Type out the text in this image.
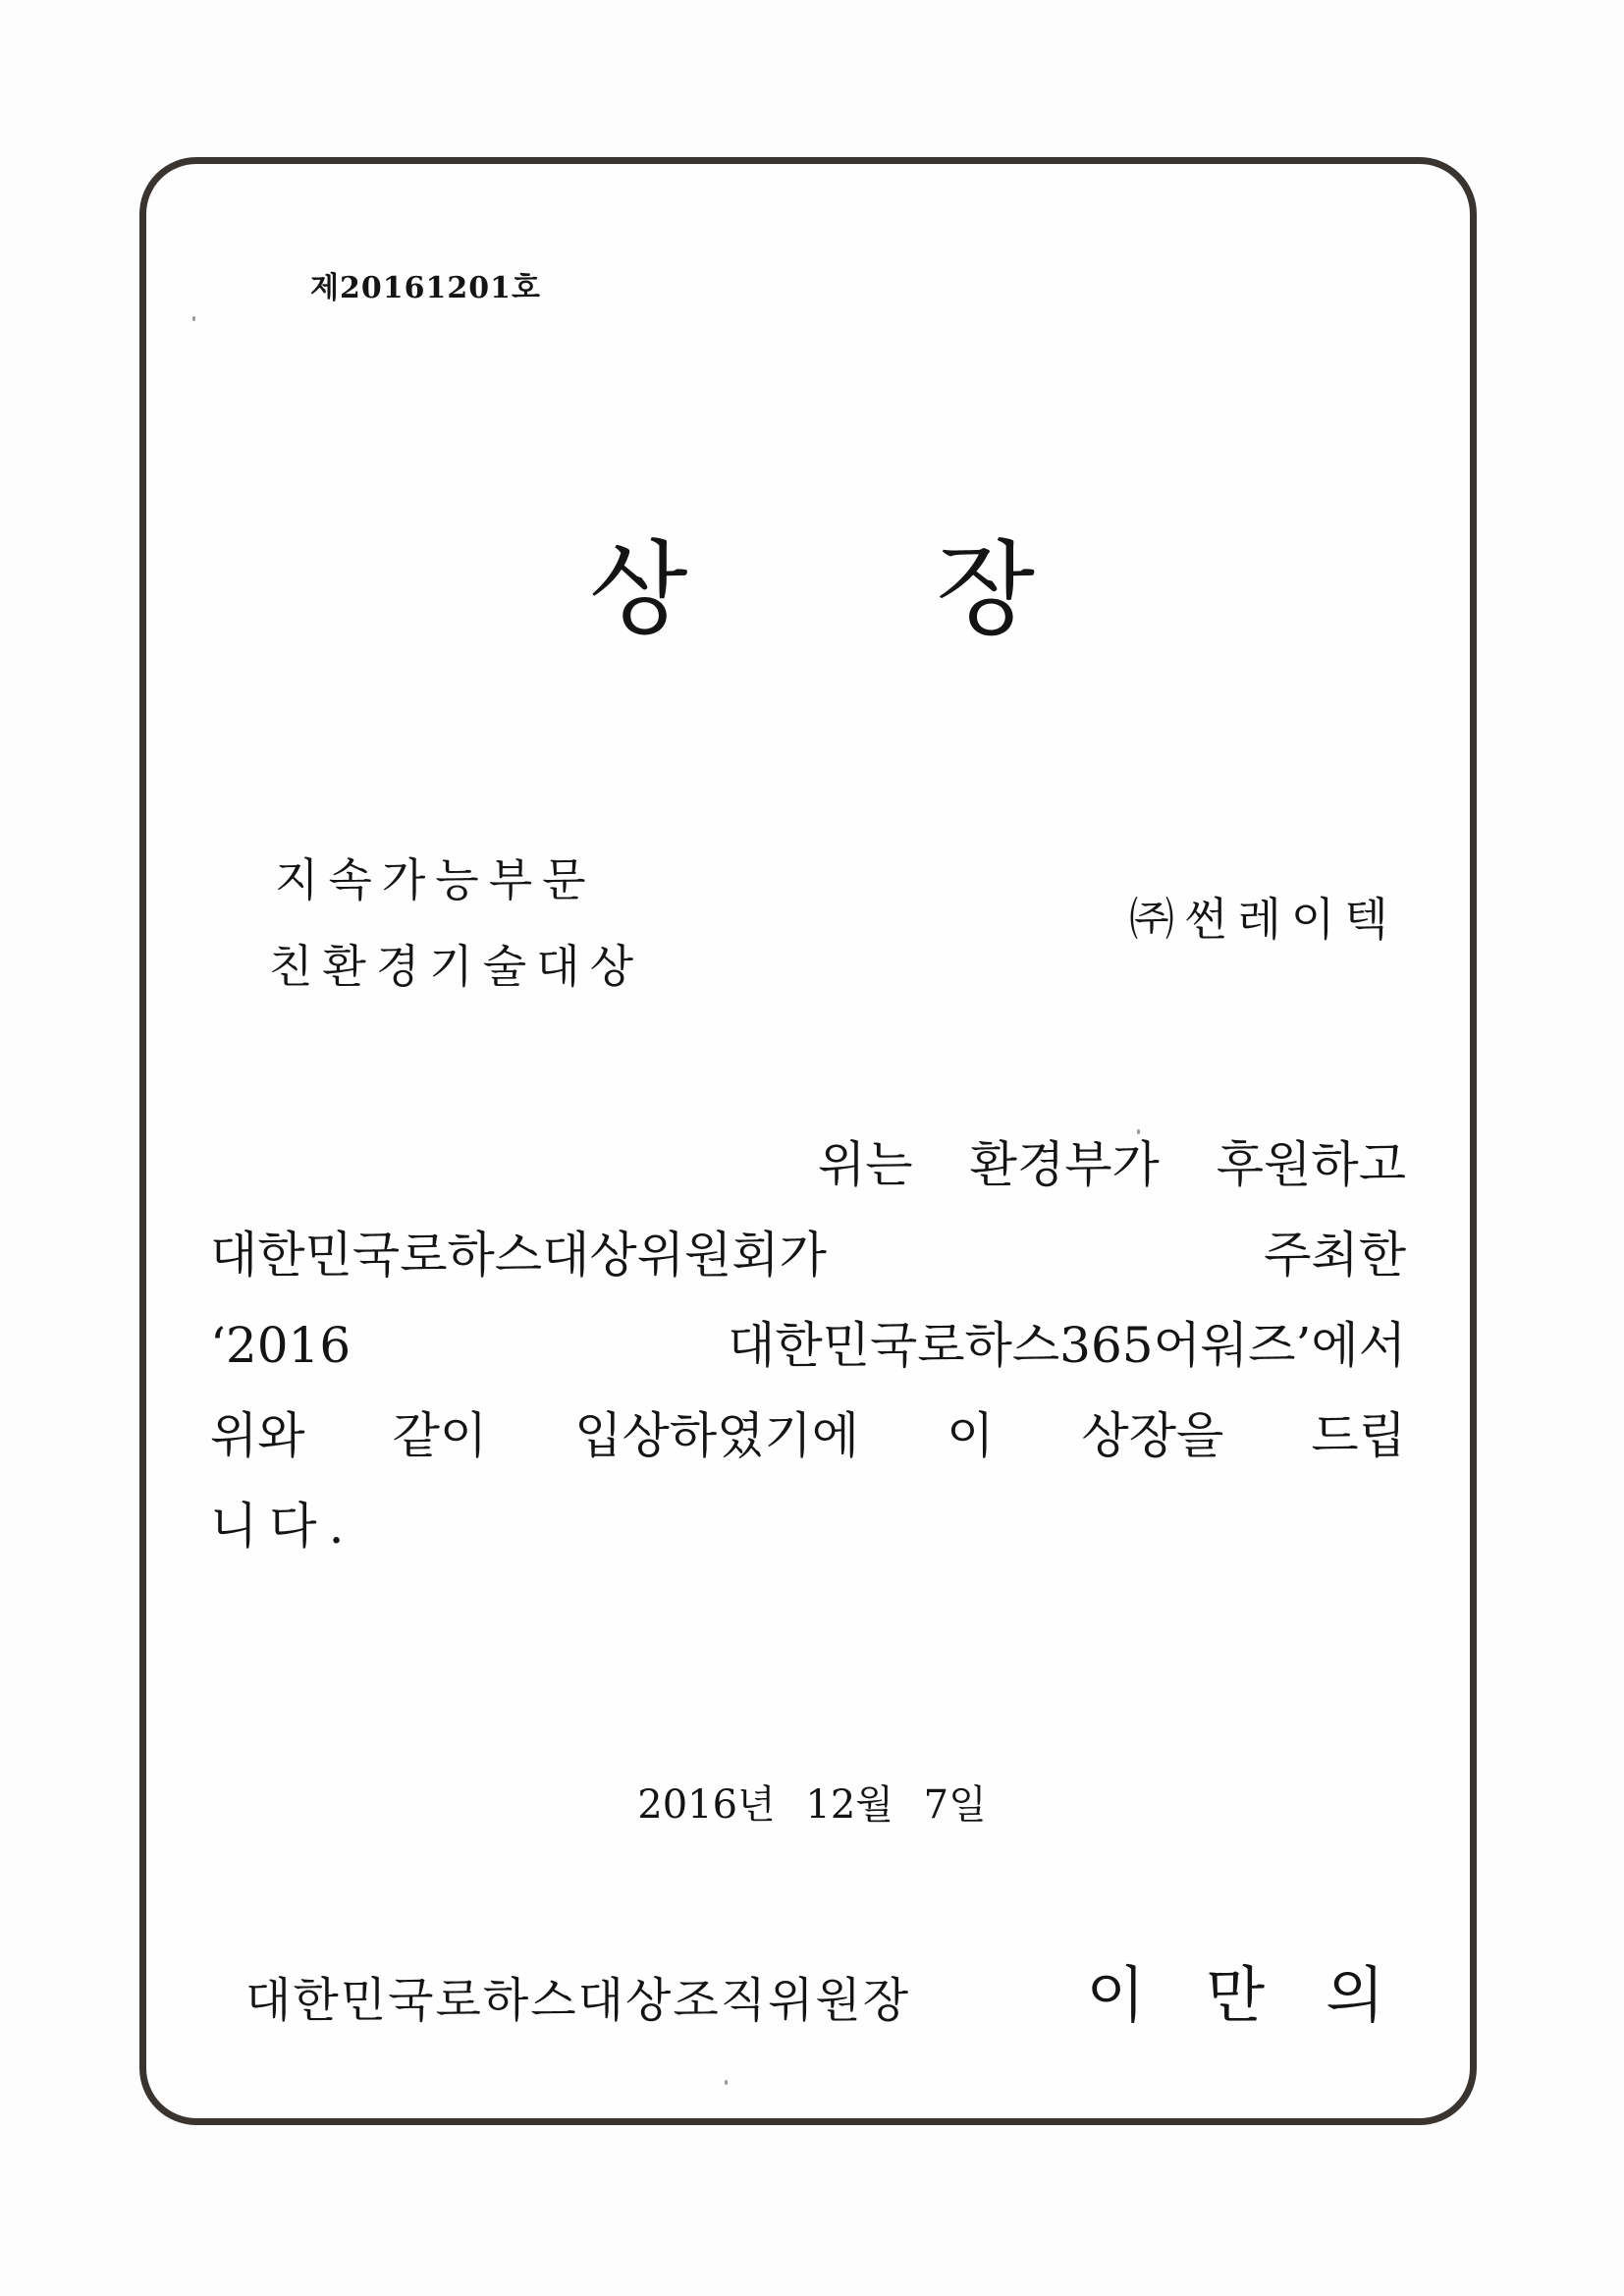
제20161201호
상 장
지속가능부문
친환경기술대상
㈜썬레이텍
위는 환경부가 후원하고
대한민국로하스대상위원회가	주최한
‘2016	대한민국로하스365어워즈’에서
위와 같이 입상하였기에 이 상장을 드립
니다.
2016년 12월 7일
대한민국로하스대상조직위원장	이만의
